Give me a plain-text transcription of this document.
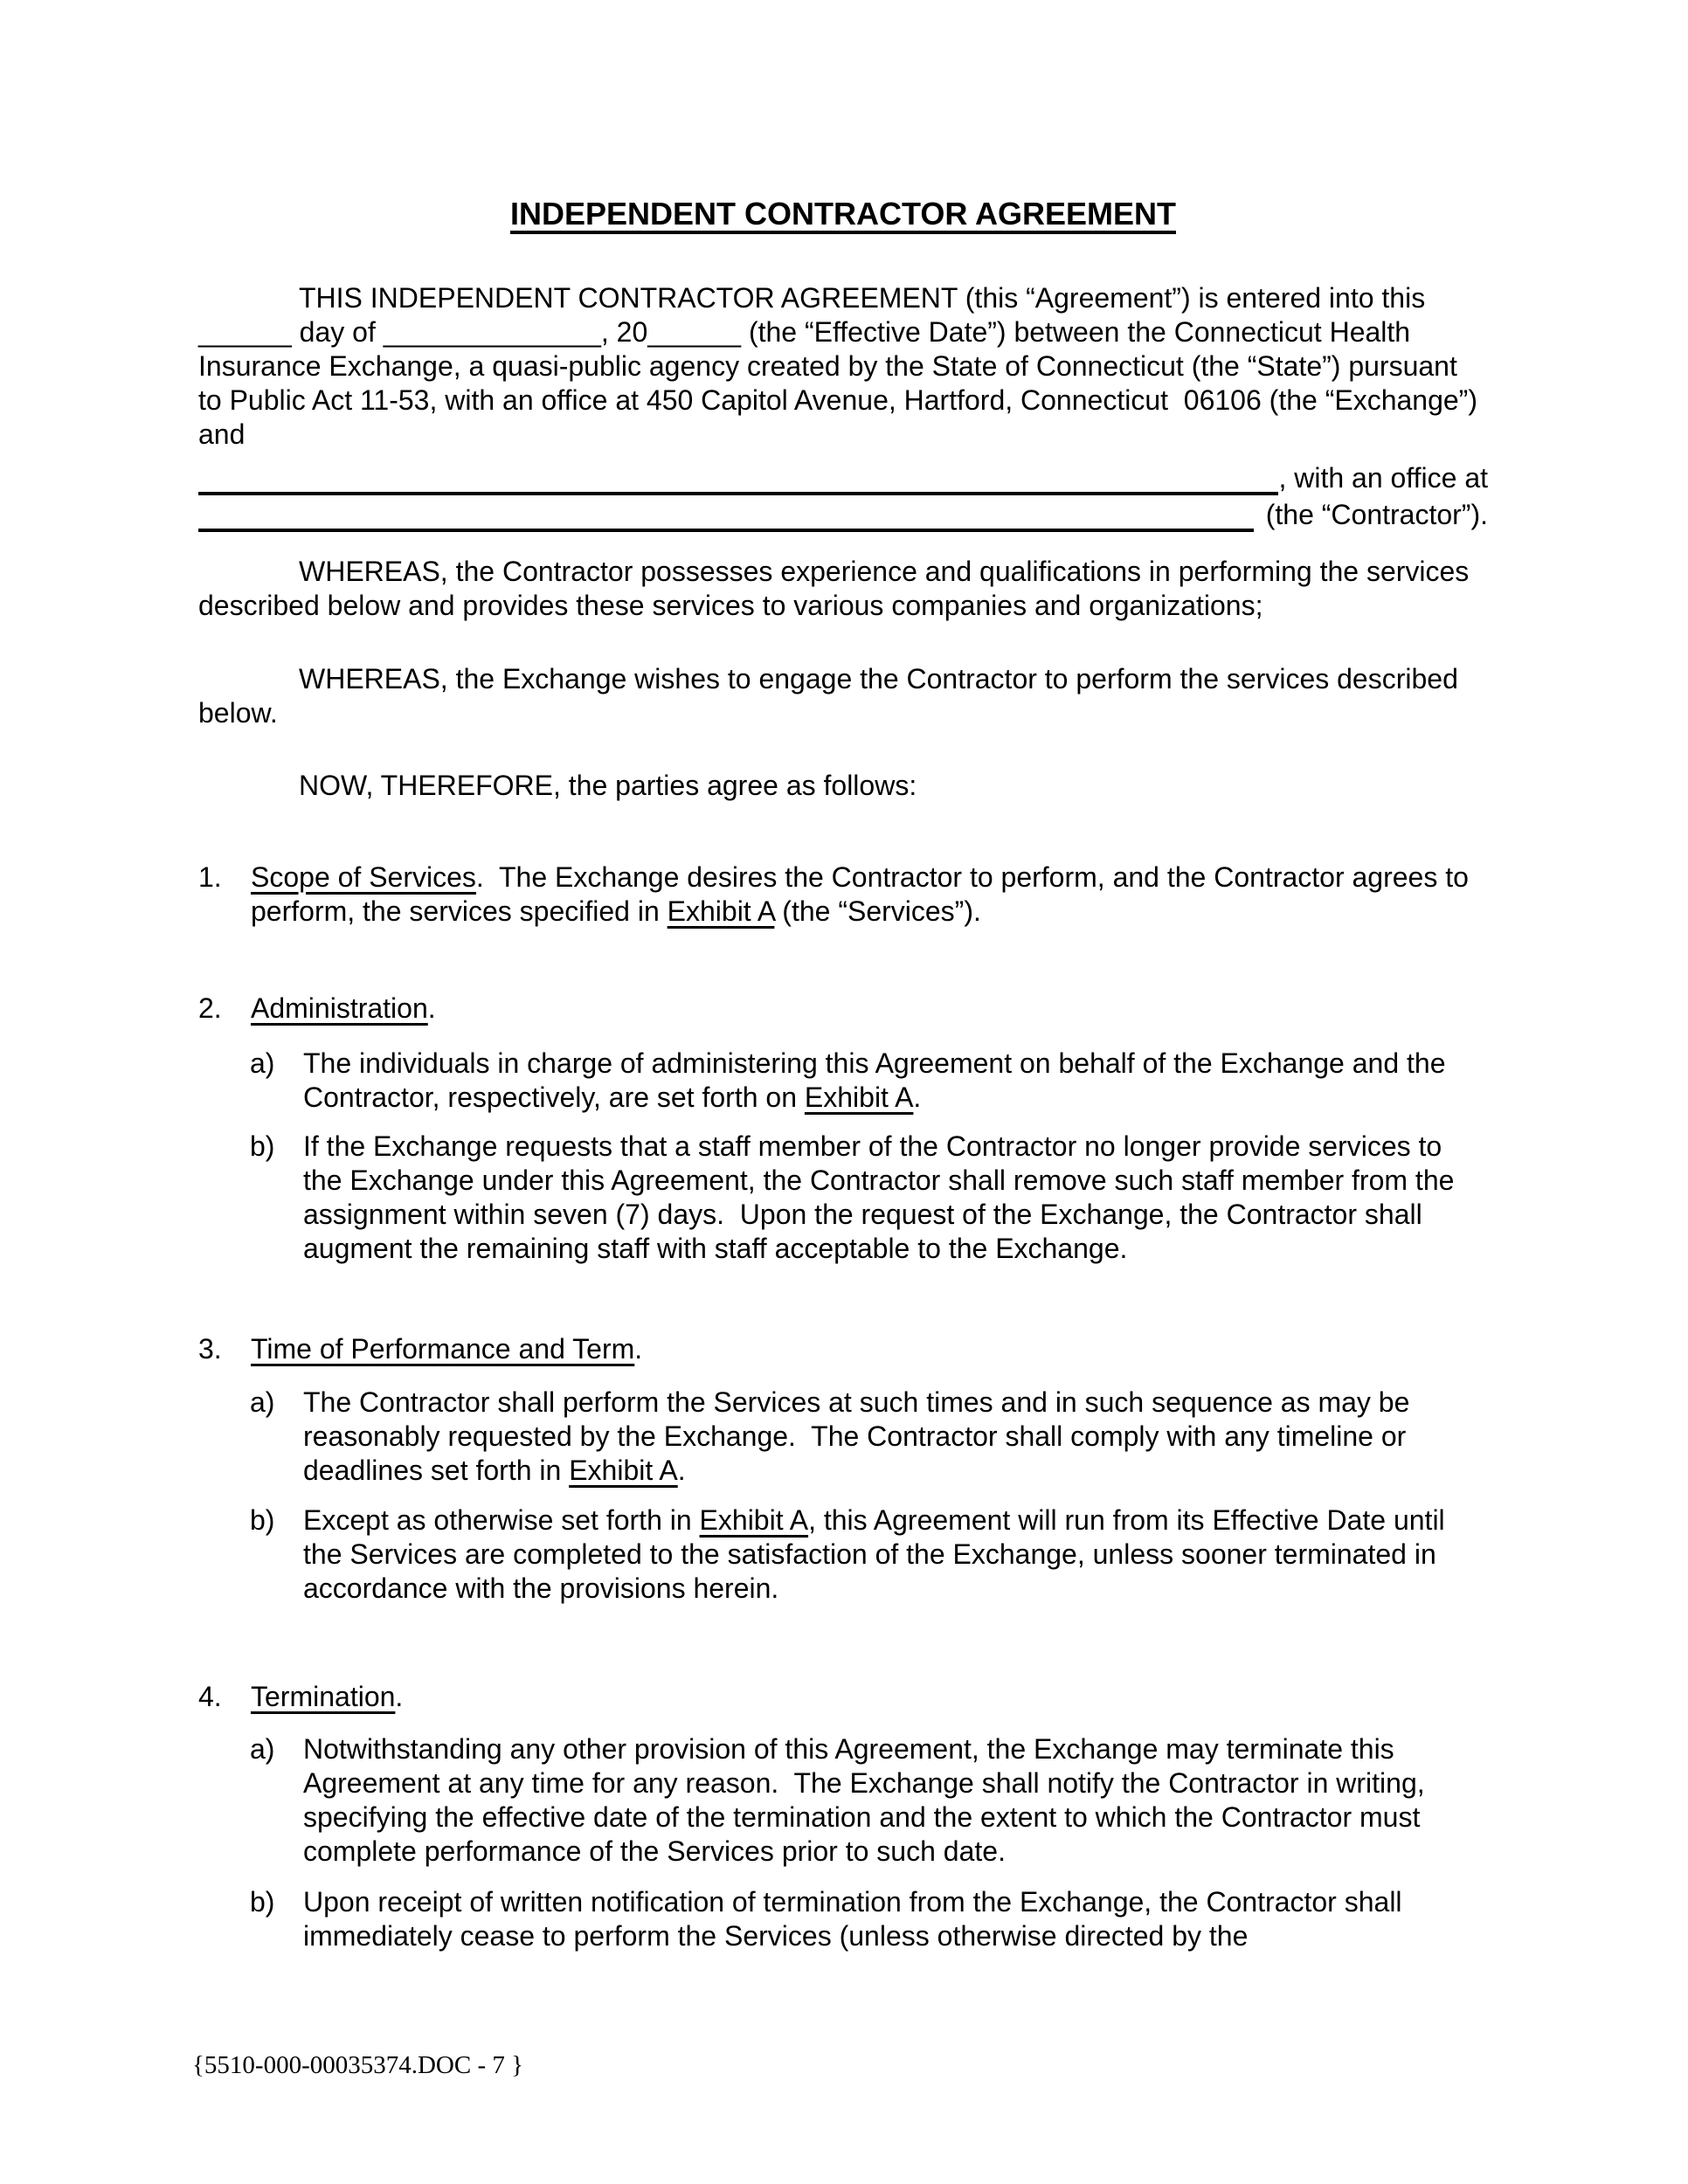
INDEPENDENT CONTRACTOR AGREEMENT

THIS INDEPENDENT CONTRACTOR AGREEMENT (this “Agreement”) is entered into this ______ day of ______________, 20______ (the “Effective Date”) between the Connecticut Health Insurance Exchange, a quasi-public agency created by the State of Connecticut (the “State”) pursuant to Public Act 11-53, with an office at 450 Capitol Avenue, Hartford, Connecticut  06106 (the “Exchange”) and

, with an office at
(the “Contractor”).

WHEREAS, the Contractor possesses experience and qualifications in performing the services described below and provides these services to various companies and organizations;

WHEREAS, the Exchange wishes to engage the Contractor to perform the services described below.

NOW, THEREFORE, the parties agree as follows:

1.	Scope of Services.  The Exchange desires the Contractor to perform, and the Contractor agrees to perform, the services specified in Exhibit A (the “Services”).
2.	Administration.
a)	The individuals in charge of administering this Agreement on behalf of the Exchange and the Contractor, respectively, are set forth on Exhibit A.
b)	If the Exchange requests that a staff member of the Contractor no longer provide services to the Exchange under this Agreement, the Contractor shall remove such staff member from the assignment within seven (7) days.  Upon the request of the Exchange, the Contractor shall augment the remaining staff with staff acceptable to the Exchange.
3.	Time of Performance and Term.
a)	The Contractor shall perform the Services at such times and in such sequence as may be reasonably requested by the Exchange.  The Contractor shall comply with any timeline or deadlines set forth in Exhibit A.
b)	Except as otherwise set forth in Exhibit A, this Agreement will run from its Effective Date until the Services are completed to the satisfaction of the Exchange, unless sooner terminated in accordance with the provisions herein.
4.	Termination.
a)	Notwithstanding any other provision of this Agreement, the Exchange may terminate this Agreement at any time for any reason.  The Exchange shall notify the Contractor in writing, specifying the effective date of the termination and the extent to which the Contractor must complete performance of the Services prior to such date.
b)	Upon receipt of written notification of termination from the Exchange, the Contractor shall immediately cease to perform the Services (unless otherwise directed by the
{5510-000-00035374.DOC - 7 }
